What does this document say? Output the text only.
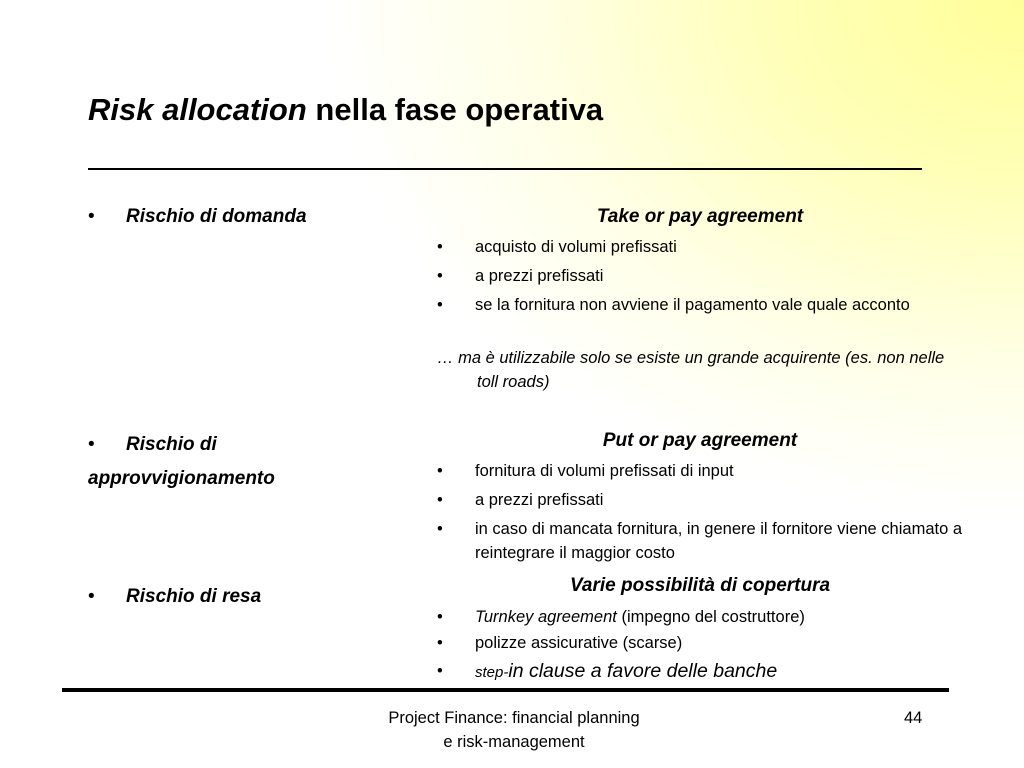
Risk allocation nella fase operativa
• Rischio di domanda
• Rischio di
approvvigionamento
• Rischio di resa
Take or pay agreement
•	acquisto di volumi prefissati
•	a prezzi prefissati
•	se la fornitura non avviene il pagamento vale quale acconto
… ma è utilizzabile solo se esiste un grande acquirente (es. non nelle toll roads)
Put or pay agreement
•	fornitura di volumi prefissati di input
•	a prezzi prefissati
•	in caso di mancata fornitura, in genere il fornitore viene chiamato a reintegrare il maggior costo
Varie possibilità di copertura
•	Turnkey agreement (impegno del costruttore)
•	polizze assicurative (scarse)
•	step-in clause a favore delle banche
Project Finance: financial planning
e risk-management
44
